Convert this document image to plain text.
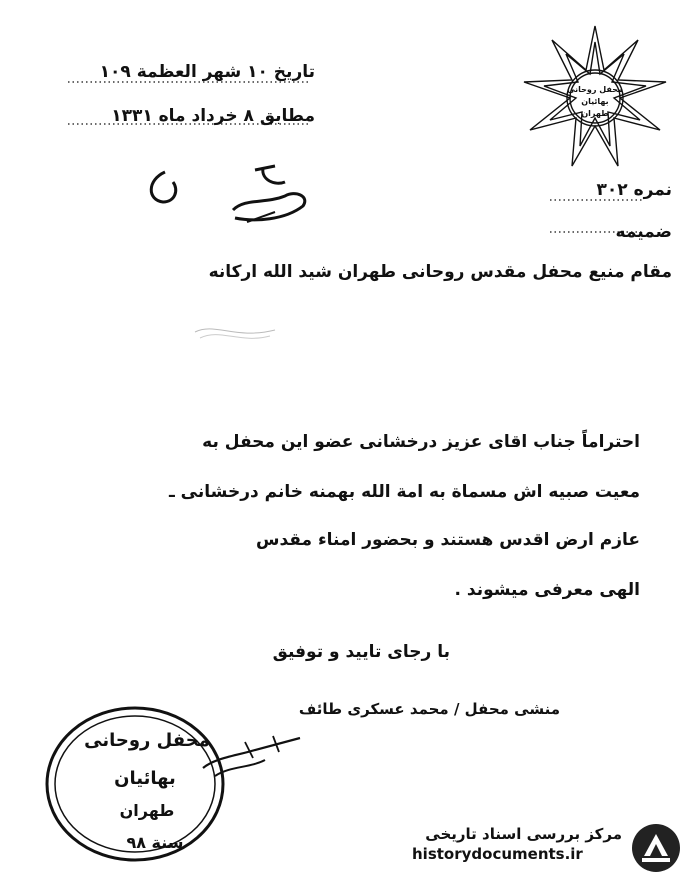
محفل روحانی
بهائیان
طهران
تاریخ ۱۰ شهر العظمة ۱۰۹
مطابق ۸ خرداد ماه ۱۳۳۱
نمره ۳۰۲
ضمیمه
مقام منیع محفل مقدس روحانی طهران شید الله ارکانه
احتراماً جناب اقای عزیز درخشانی عضو این محفل به
معیت صبیه اش مسماة به امة الله بهمنه خانم درخشانی ـ
عازم ارض اقدس هستند و بحضور امناء مقدس
الهی معرفی میشوند .
با رجای تایید و توفیق
منشی محفل / محمد عسکری طائف
محفل روحانی
بهائیان
طهران
سنة ۹۸	مرکز بررسی اسناد تاریخی
historydocuments.ir
